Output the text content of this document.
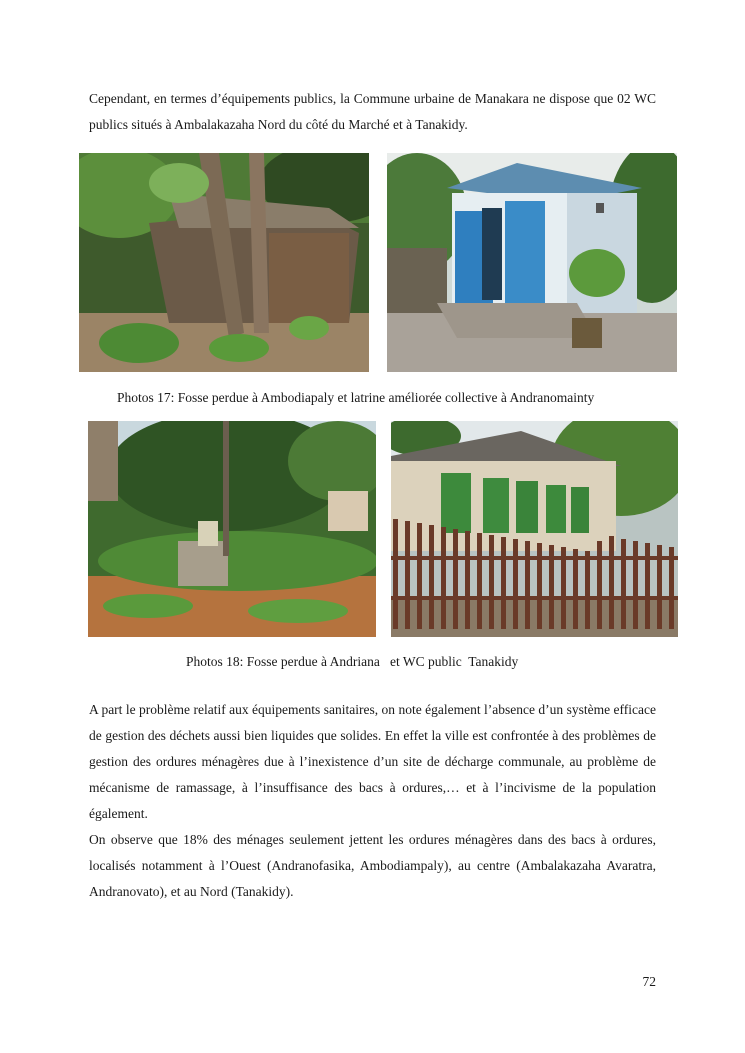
Cependant, en termes d’équipements publics, la Commune urbaine de Manakara ne dispose que 02 WC publics situés à Ambalakazaha Nord du côté du Marché et à Tanakidy.

Photos 17: Fosse perdue à Ambodiapaly et latrine améliorée collective à Andranomainty

Photos 18: Fosse perdue à Andriana   et WC public  Tanakidy

A part le problème relatif aux équipements sanitaires, on note également l’absence d’un système efficace de gestion des déchets aussi bien liquides que solides. En effet la ville est confrontée à des problèmes de gestion des ordures ménagères due à l’inexistence d’un site de décharge communale, au problème de mécanisme de ramassage, à l’insuffisance des bacs à ordures,… et à l’incivisme de la population également.

On observe que 18% des ménages seulement jettent les ordures ménagères dans des bacs à ordures, localisés notamment à l’Ouest (Andranofasika, Ambodiampaly), au centre (Ambalakazaha Avaratra, Andranovato), et au Nord (Tanakidy).

72
